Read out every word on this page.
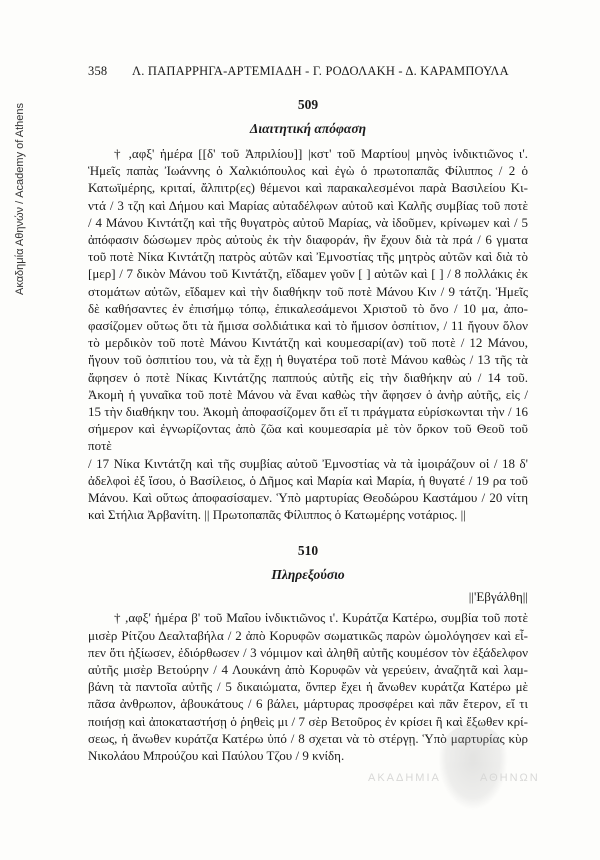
Ακαδημία Αθηνών / Academy of Athens
358	Λ. ΠΑΠΑΡΡΗΓΑ-ΑΡΤΕΜΙΑΔΗ - Γ. ΡΟΔΟΛΑΚΗ - Δ. ΚΑΡΑΜΠΟΥΛΑ
509
Διαιτητική απόφαση

† ,αφξ' ἡμέρα [[δ' τοῦ Ἀπριλίου]] |κστ' τοῦ Μαρτίου| μηνὸς ἰνδικτιῶνος ι'.

Ἡμεῖς παπὰς Ἰωάννης ὁ Χαλκιόπουλος καὶ ἐγὼ ὁ πρωτοπαπᾶς Φίλιππος / 2 ὁ

Κατωϊμέρης, κριταί, ἄλπιτρ(ες) θέμενοι καὶ παρακαλεσμένοι παρὰ Βασιλείου Κι-

ντά / 3 τζη καὶ Δήμου καὶ Μαρίας αὐταδέλφων αὐτοῦ καὶ Καλῆς συμβίας τοῦ ποτὲ

/ 4 Μάνου Κιντάτζη καὶ τῆς θυγατρὸς αὐτοῦ Μαρίας, νὰ ἰδοῦμεν, κρίνωμεν καὶ / 5

ἀπόφασιν δώσωμεν πρὸς αὐτοὺς ἐκ τὴν διαφοράν, ἣν ἔχουν διὰ τὰ πρά / 6 γματα

τοῦ ποτὲ Νίκα Κιντάτζη πατρὸς αὐτῶν καὶ Ἐμνοστίας τῆς μητρὸς αὐτῶν καὶ διὰ τὸ

[μερ] / 7 δικὸν Μάνου τοῦ Κιντάτζη, εἴδαμεν γοῦν [ ] αὐτῶν καὶ [ ] / 8 πολλάκις ἐκ

στομάτων αὐτῶν, εἴδαμεν καὶ τὴν διαθήκην τοῦ ποτὲ Μάνου Κιν / 9 τάτζη. Ἡμεῖς

δὲ καθήσαντες ἐν ἐπισήμῳ τόπῳ, ἐπικαλεσάμενοι Χριστοῦ τὸ ὄνο / 10 μα, ἀπο-

φασίζομεν οὕτως ὅτι τὰ ἥμισα σολδιάτικα καὶ τὸ ἥμισον ὀσπίτιον, / 11 ἤγουν ὅλον

τὸ μερδικὸν τοῦ ποτὲ Μάνου Κιντάτζη καὶ κουμεσαρί(αν) τοῦ ποτὲ / 12 Μάνου,

ἤγουν τοῦ ὀσπιτίου του, νὰ τὰ ἔχῃ ἡ θυγατέρα τοῦ ποτὲ Μάνου καθὼς / 13 τῆς τὰ

ἄφησεν ὁ ποτὲ Νίκας Κιντάτζης παππούς αὐτῆς εἰς τὴν διαθήκην αὐ / 14 τοῦ.

Ἀκομὴ ἡ γυναῖκα τοῦ ποτὲ Μάνου νὰ ἔναι καθὼς τὴν ἄφησεν ὁ ἀνὴρ αὐτῆς, εἰς /

15 τὴν διαθήκην του. Ἀκομὴ ἀποφασίζομεν ὅτι εἴ τι πράγματα εὑρίσκωνται τὴν / 16

σήμερον καὶ ἐγνωρίζοντας ἀπὸ ζῶα καὶ κουμεσαρία μὲ τὸν ὅρκον τοῦ Θεοῦ τοῦ ποτὲ

/ 17 Νίκα Κιντάτζη καὶ τῆς συμβίας αὐτοῦ Ἐμνοστίας νὰ τὰ ἰμοιράζουν οἱ / 18 δ'

ἀδελφοὶ ἐξ ἴσου, ὁ Βασίλειος, ὁ Δῆμος καὶ Μαρία καὶ Μαρία, ἡ θυγατέ / 19 ρα τοῦ

Μάνου. Καὶ οὕτως ἀποφασίσαμεν. Ὑπὸ μαρτυρίας Θεοδώρου Καστάμου / 20 νίτη

καὶ Στήλια Ἀρβανίτη. || Πρωτοπαπᾶς Φίλιππος ὁ Κατωμέρης νοτάριος. ||

510
Πληρεξούσιο
||'Εβγάλθη||

† ,αφξ' ἡμέρα β' τοῦ Μαΐου ἰνδικτιῶνος ι'. Κυράτζα Κατέρω, συμβία τοῦ ποτὲ

μισὲρ Ρίτζου Δεαλταβήλα / 2 ἀπὸ Κορυφῶν σωματικῶς παρὼν ὡμολόγησεν καὶ εἶ-

πεν ὅτι ἠξίωσεν, ἐδιόρθωσεν / 3 νόμιμον καὶ ἀληθῆ αὐτῆς κουμέσον τὸν ἐξάδελφον

αὐτῆς μισὲρ Βετούρην / 4 Λουκάνη ἀπὸ Κορυφῶν νὰ γερεύειν, ἀναζητᾶ καὶ λαμ-

βάνη τὰ παντοῖα αὐτῆς / 5 δικαιώματα, ὅνπερ ἔχει ἡ ἄνωθεν κυράτζα Κατέρω μὲ

πᾶσα ἀνθρωπον, ἀβουκάτους / 6 βάλει, μάρτυρας προσφέρει καὶ πᾶν ἔτερον, εἴ τι

ποιήσῃ καὶ ἀποκαταστήσῃ ὁ ῥηθεὶς μι / 7 σὲρ Βετοῦρος ἐν κρίσει ἢ καὶ ἔξωθεν κρί-

σεως, ἡ ἄνωθεν κυράτζα Κατέρω ὑπό / 8 σχεται νὰ τὸ στέργῃ. Ὑπὸ μαρτυρίας κὺρ

Νικολάου Μπρούζου καὶ Παύλου Τζου / 9 κνίδη.

ΑΚΑΔΗΜΙΑ	ΑΘΗΝΩΝ
